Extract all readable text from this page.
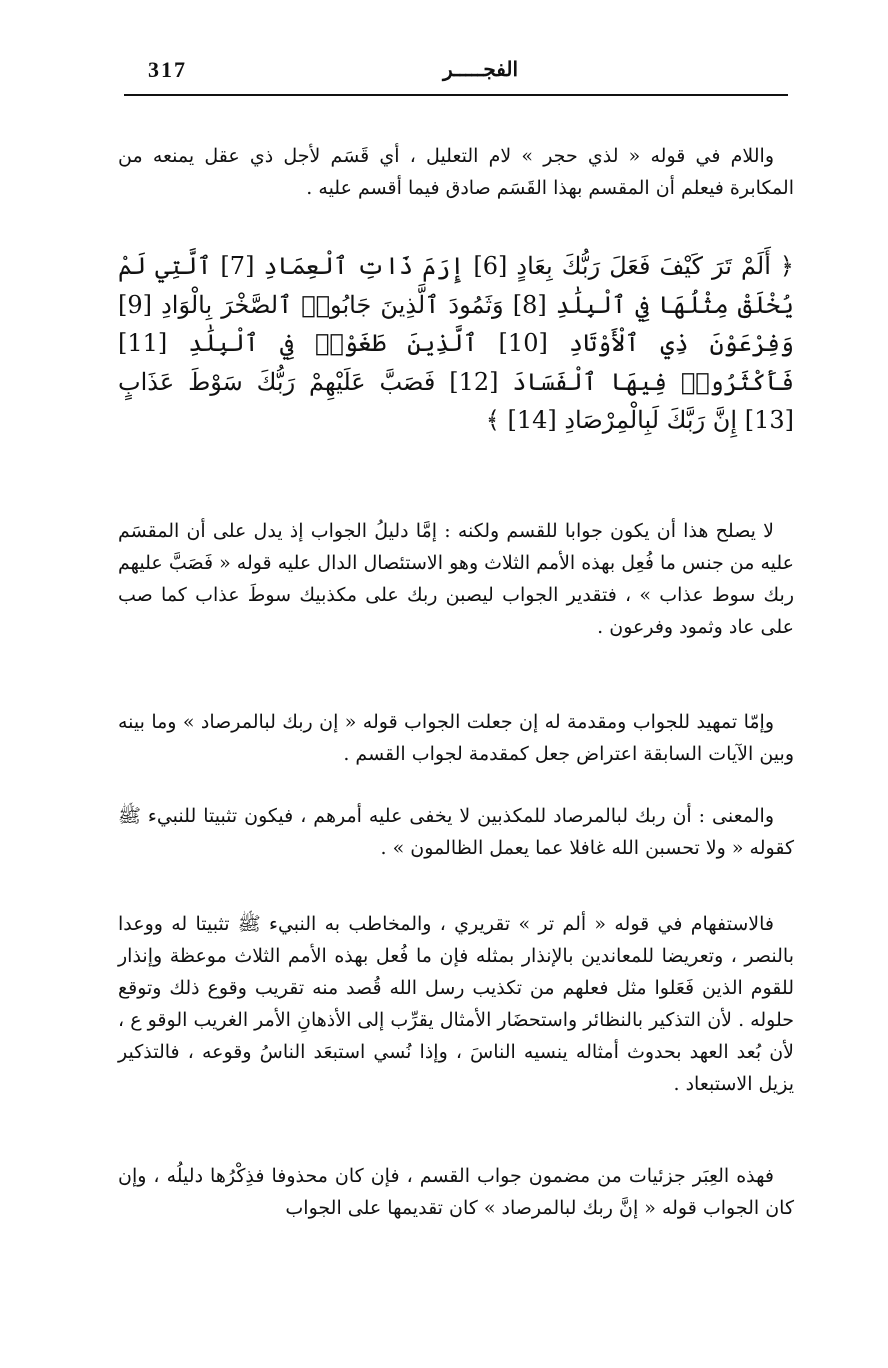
317	الفجـــــر

واللام في قوله « لذي حجر » لام التعليل ، أي قَسَم لأجل ذي عقل يمنعه من المكابرة فيعلم أن المقسم بهذا القَسَم صادق فيما أقسم عليه .

﴿ أَلَمْ تَرَ كَيْفَ فَعَلَ رَبُّكَ بِعَادٍ [6] إِرَمَ ذَاتِ ٱلْعِمَادِ [7] ٱلَّتِي لَمْ يُخْلَقْ مِثْلُهَا فِي ٱلْبِلَٰدِ [8] وَثَمُودَ ٱلَّذِينَ جَابُوا۟ ٱلصَّخْرَ بِالْوَادِ [9] وَفِرْعَوْنَ ذِي ٱلْأَوْتَادِ [10] ٱلَّذِينَ طَغَوْا۟ فِي ٱلْبِلَٰدِ [11] فَأَكْثَرُوا۟ فِيهَا ٱلْفَسَادَ [12] فَصَبَّ عَلَيْهِمْ رَبُّكَ سَوْطَ عَذَابٍ [13] إِنَّ رَبَّكَ لَبِالْمِرْصَادِ [14] ﴾

لا يصلح هذا أن يكون جوابا للقسم ولكنه : إمَّا دليلُ الجواب إذ يدل على أن المقسَم عليه من جنس ما فُعِل بهذه الأمم الثلاث وهو الاستئصال الدال عليه قوله « فَصَبَّ عليهم ربك سوط عذاب » ، فتقدير الجواب ليصبن ربك على مكذبيك سوطَ عذاب كما صب على عاد وثمود وفرعون .

وإمّا تمهيد للجواب ومقدمة له إن جعلت الجواب قوله « إن ربك لبالمرصاد » وما بينه وبين الآيات السابقة اعتراض جعل كمقدمة لجواب القسم .

والمعنى : أن ربك لبالمرصاد للمكذبين لا يخفى عليه أمرهم ، فيكون تثبيتا للنبيء ﷺ كقوله « ولا تحسبن الله غافلا عما يعمل الظالمون » .

فالاستفهام في قوله « ألم تر » تقريري ، والمخاطب به النبيء ﷺ تثبيتا له ووعدا بالنصر ، وتعريضا للمعاندين بالإنذار بمثله فإن ما فُعل بهذه الأمم الثلاث موعظة وإنذار للقوم الذين فَعَلوا مثل فعلهم من تكذيب رسل الله قُصد منه تقريب وقوع ذلك وتوقع حلوله . لأن التذكير بالنظائر واستحضَار الأمثال يقرِّب إلى الأذهانِ الأمر الغريب الوقو ع ، لأن بُعد العهد بحدوث أمثاله ينسيه الناسَ ، وإذا نُسي استبعَد الناسُ وقوعه ، فالتذكير يزيل الاستبعاد .

فهذه العِبَر جزئيات من مضمون جواب القسم ، فإن كان محذوفا فذِكْرُها دليلُه ، وإن كان الجواب قوله « إنَّ ربك لبالمرصاد » كان تقديمها على الجواب
